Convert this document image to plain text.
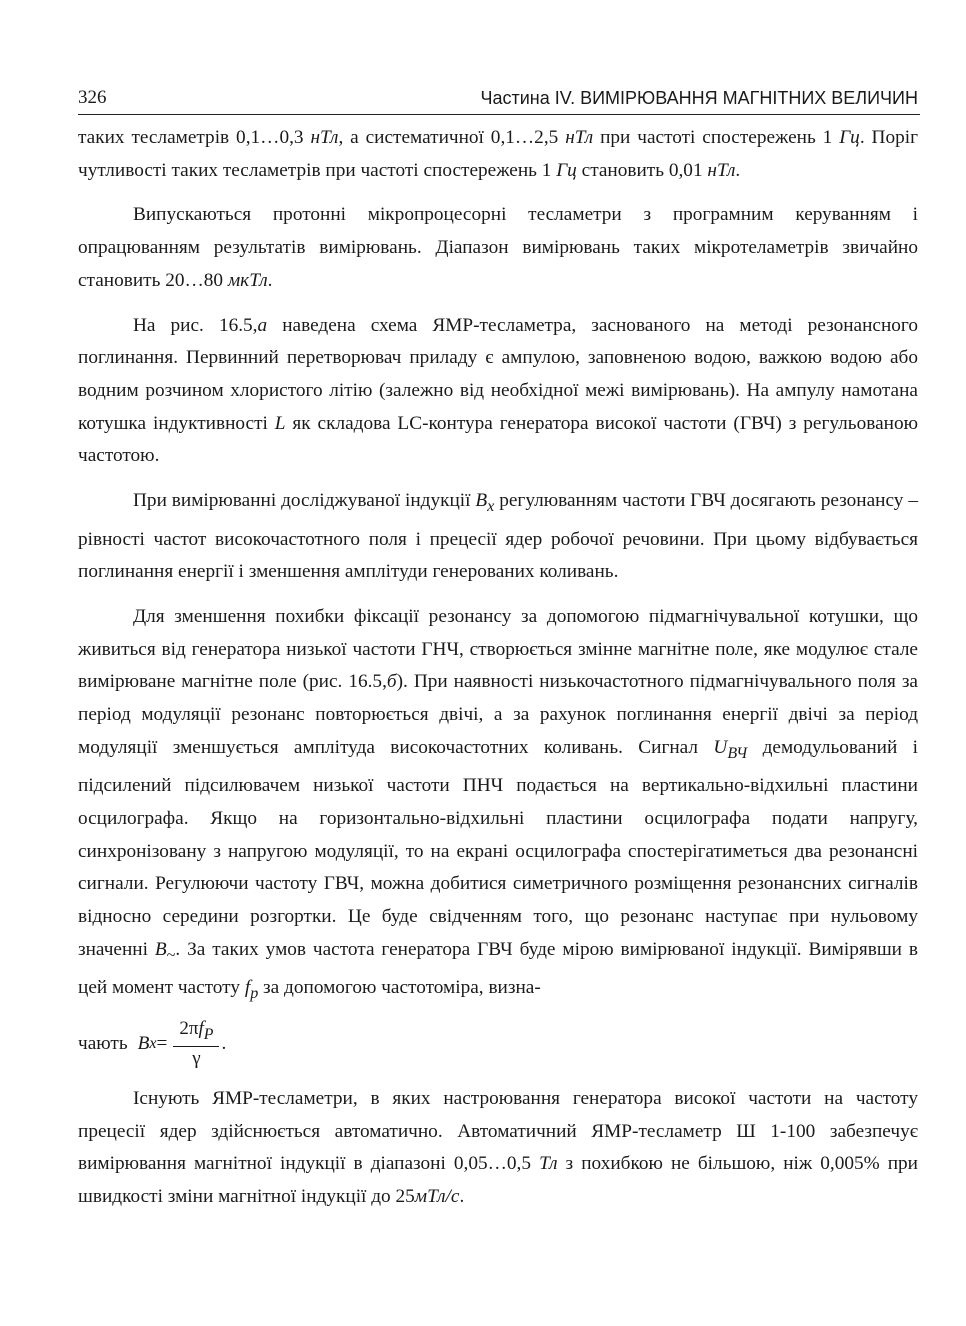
326	Частина IV. ВИМІРЮВАННЯ МАГНІТНИХ ВЕЛИЧИН

таких тесламетрів 0,1…0,3 нТл, а систематичної 0,1…2,5 нТл при частоті спостережень 1 Гц. Поріг чутливості таких тесламетрів при частоті спостережень 1 Гц становить 0,01 нТл.

Випускаються протонні мікропроцесорні тесламетри з програмним керуванням і опрацюванням результатів вимірювань. Діапазон вимірювань таких мікротеламетрів звичайно становить 20…80 мкТл.

На рис. 16.5,а наведена схема ЯМР-тесламетра, заснованого на методі резонансного поглинання. Первинний перетворювач приладу є ампулою, заповненою водою, важкою водою або водним розчином хлористого літію (залежно від необхідної межі вимірювань). На ампулу намотана котушка індуктивності L як складова LC-контура генератора високої частоти (ГВЧ) з регульованою частотою.

При вимірюванні досліджуваної індукції $B_x$ регулюванням частоти ГВЧ досягають резонансу – рівності частот високочастотного поля і прецесії ядер робочої речовини. При цьому відбувається поглинання енергії і зменшення амплітуди генерованих коливань.

Для зменшення похибки фіксації резонансу за допомогою підмагнічувальної котушки, що живиться від генератора низької частоти ГНЧ, створюється змінне магнітне поле, яке модулює стале вимірюване магнітне поле (рис. 16.5,б). При наявності низькочастотного підмагнічувального поля за період модуляції резонанс повторюється двічі, а за рахунок поглинання енергії двічі за період модуляції зменшується амплітуда високочастотних коливань. Сигнал $U_{ВЧ}$ демодульований і підсилений підсилювачем низької частоти ПНЧ подається на вертикально-відхильні пластини осцилографа. Якщо на горизонтально-відхильні пластини осцилографа подати напругу, синхронізовану з напругою модуляції, то на екрані осцилографа спостерігатиметься два резонансні сигнали. Регулюючи частоту ГВЧ, можна добитися симетричного розміщення резонансних сигналів відносно середини розгортки. Це буде свідченням того, що резонанс наступає при нульовому значенні $B_\sim$. За таких умов частота генератора ГВЧ буде мірою вимірюваної індукції. Вимірявши в цей момент частоту $f_p$ за допомогою частотоміра, визна-

чають B $x = \frac{2\pi f_P}{\gamma}$ .

Існують ЯМР-тесламетри, в яких настроювання генератора високої частоти на частоту прецесії ядер здійснюється автоматично. Автоматичний ЯМР-тесламетр Ш 1-100 забезпечує вимірювання магнітної індукції в діапазоні 0,05…0,5 Тл з похибкою не більшою, ніж 0,005% при швидкості зміни магнітної індукції до 25мТл/с.
